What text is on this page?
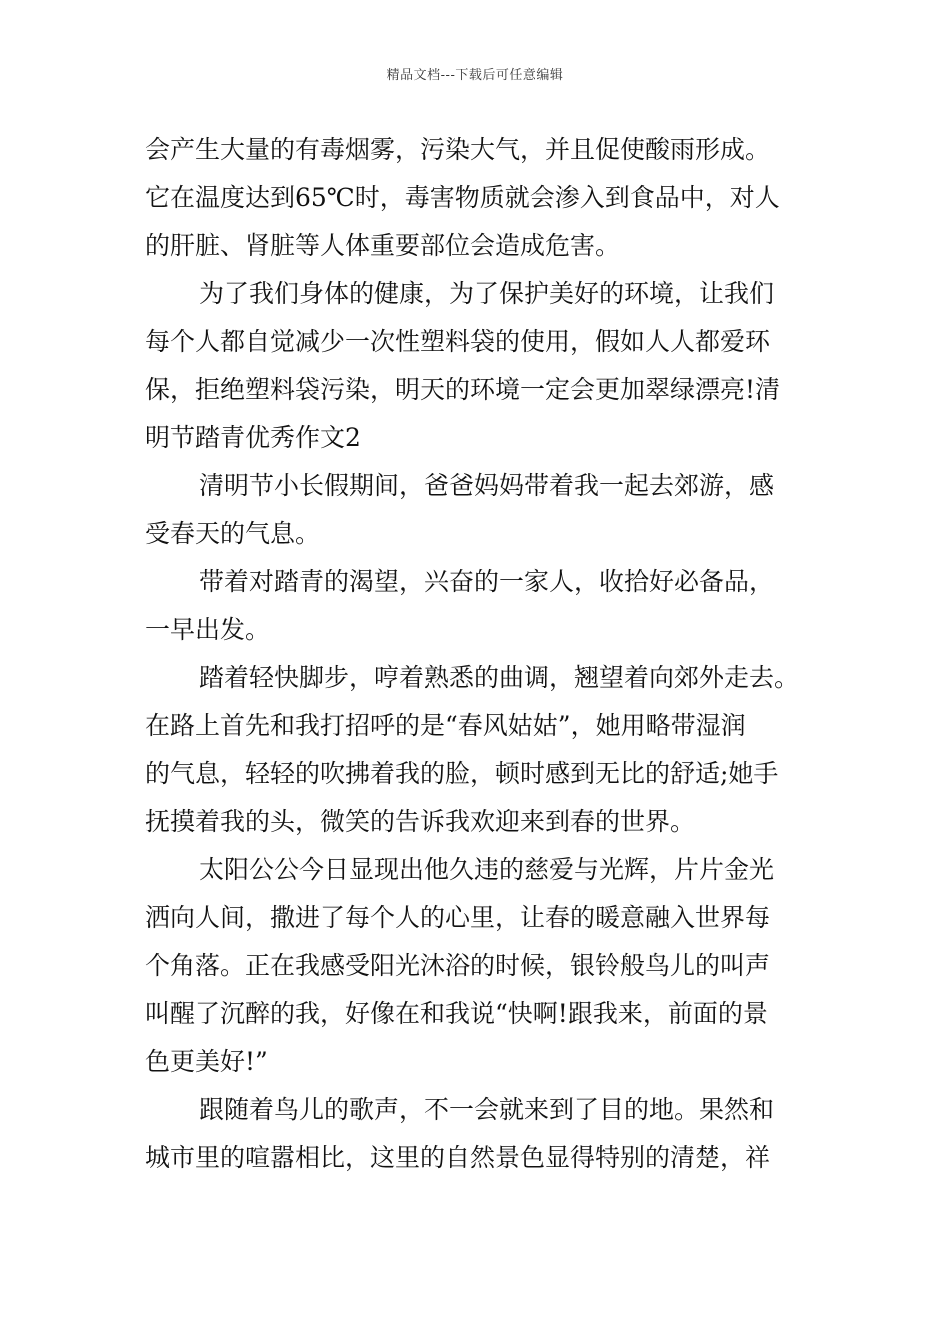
精品文档---下载后可任意编辑
会产生大量的有毒烟雾，污染大气，并且促使酸雨形成。
它在温度达到65℃时，毒害物质就会渗入到食品中，对人
的肝脏、肾脏等人体重要部位会造成危害。
为了我们身体的健康，为了保护美好的环境，让我们
每个人都自觉减少一次性塑料袋的使用，假如人人都爱环
保，拒绝塑料袋污染，明天的环境一定会更加翠绿漂亮!清
明节踏青优秀作文2
清明节小长假期间，爸爸妈妈带着我一起去郊游，感
受春天的气息。
带着对踏青的渴望，兴奋的一家人，收拾好必备品，
一早出发。
踏着轻快脚步，哼着熟悉的曲调，翘望着向郊外走去。
在路上首先和我打招呼的是“春风姑姑”，她用略带湿润
的气息，轻轻的吹拂着我的脸，顿时感到无比的舒适;她手
抚摸着我的头，微笑的告诉我欢迎来到春的世界。
太阳公公今日显现出他久违的慈爱与光辉，片片金光
洒向人间，撒进了每个人的心里，让春的暖意融入世界每
个角落。正在我感受阳光沐浴的时候，银铃般鸟儿的叫声
叫醒了沉醉的我，好像在和我说“快啊!跟我来，前面的景
色更美好!”
跟随着鸟儿的歌声，不一会就来到了目的地。果然和
城市里的喧嚣相比，这里的自然景色显得特别的清楚，祥
